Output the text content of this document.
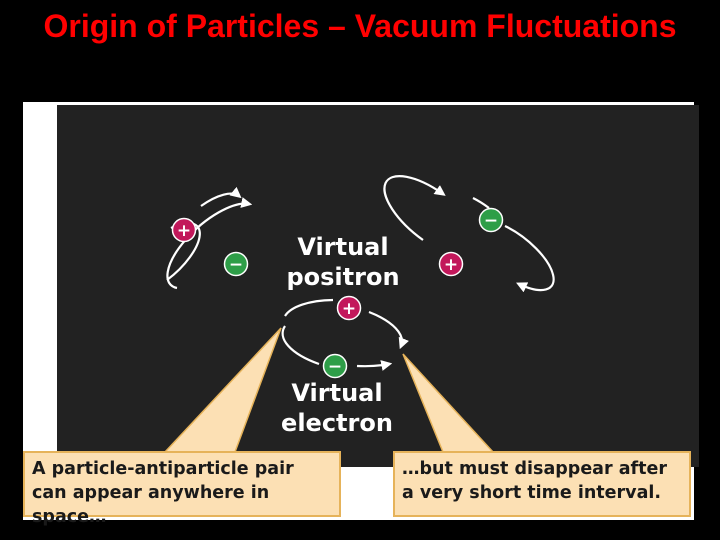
Origin of Particles – Vacuum Fluctuations
+
−
−
+
+
−
Virtual positron
Virtual electron
A particle-antiparticle pair can appear anywhere in space…
…but must disappear after a very short time interval.
